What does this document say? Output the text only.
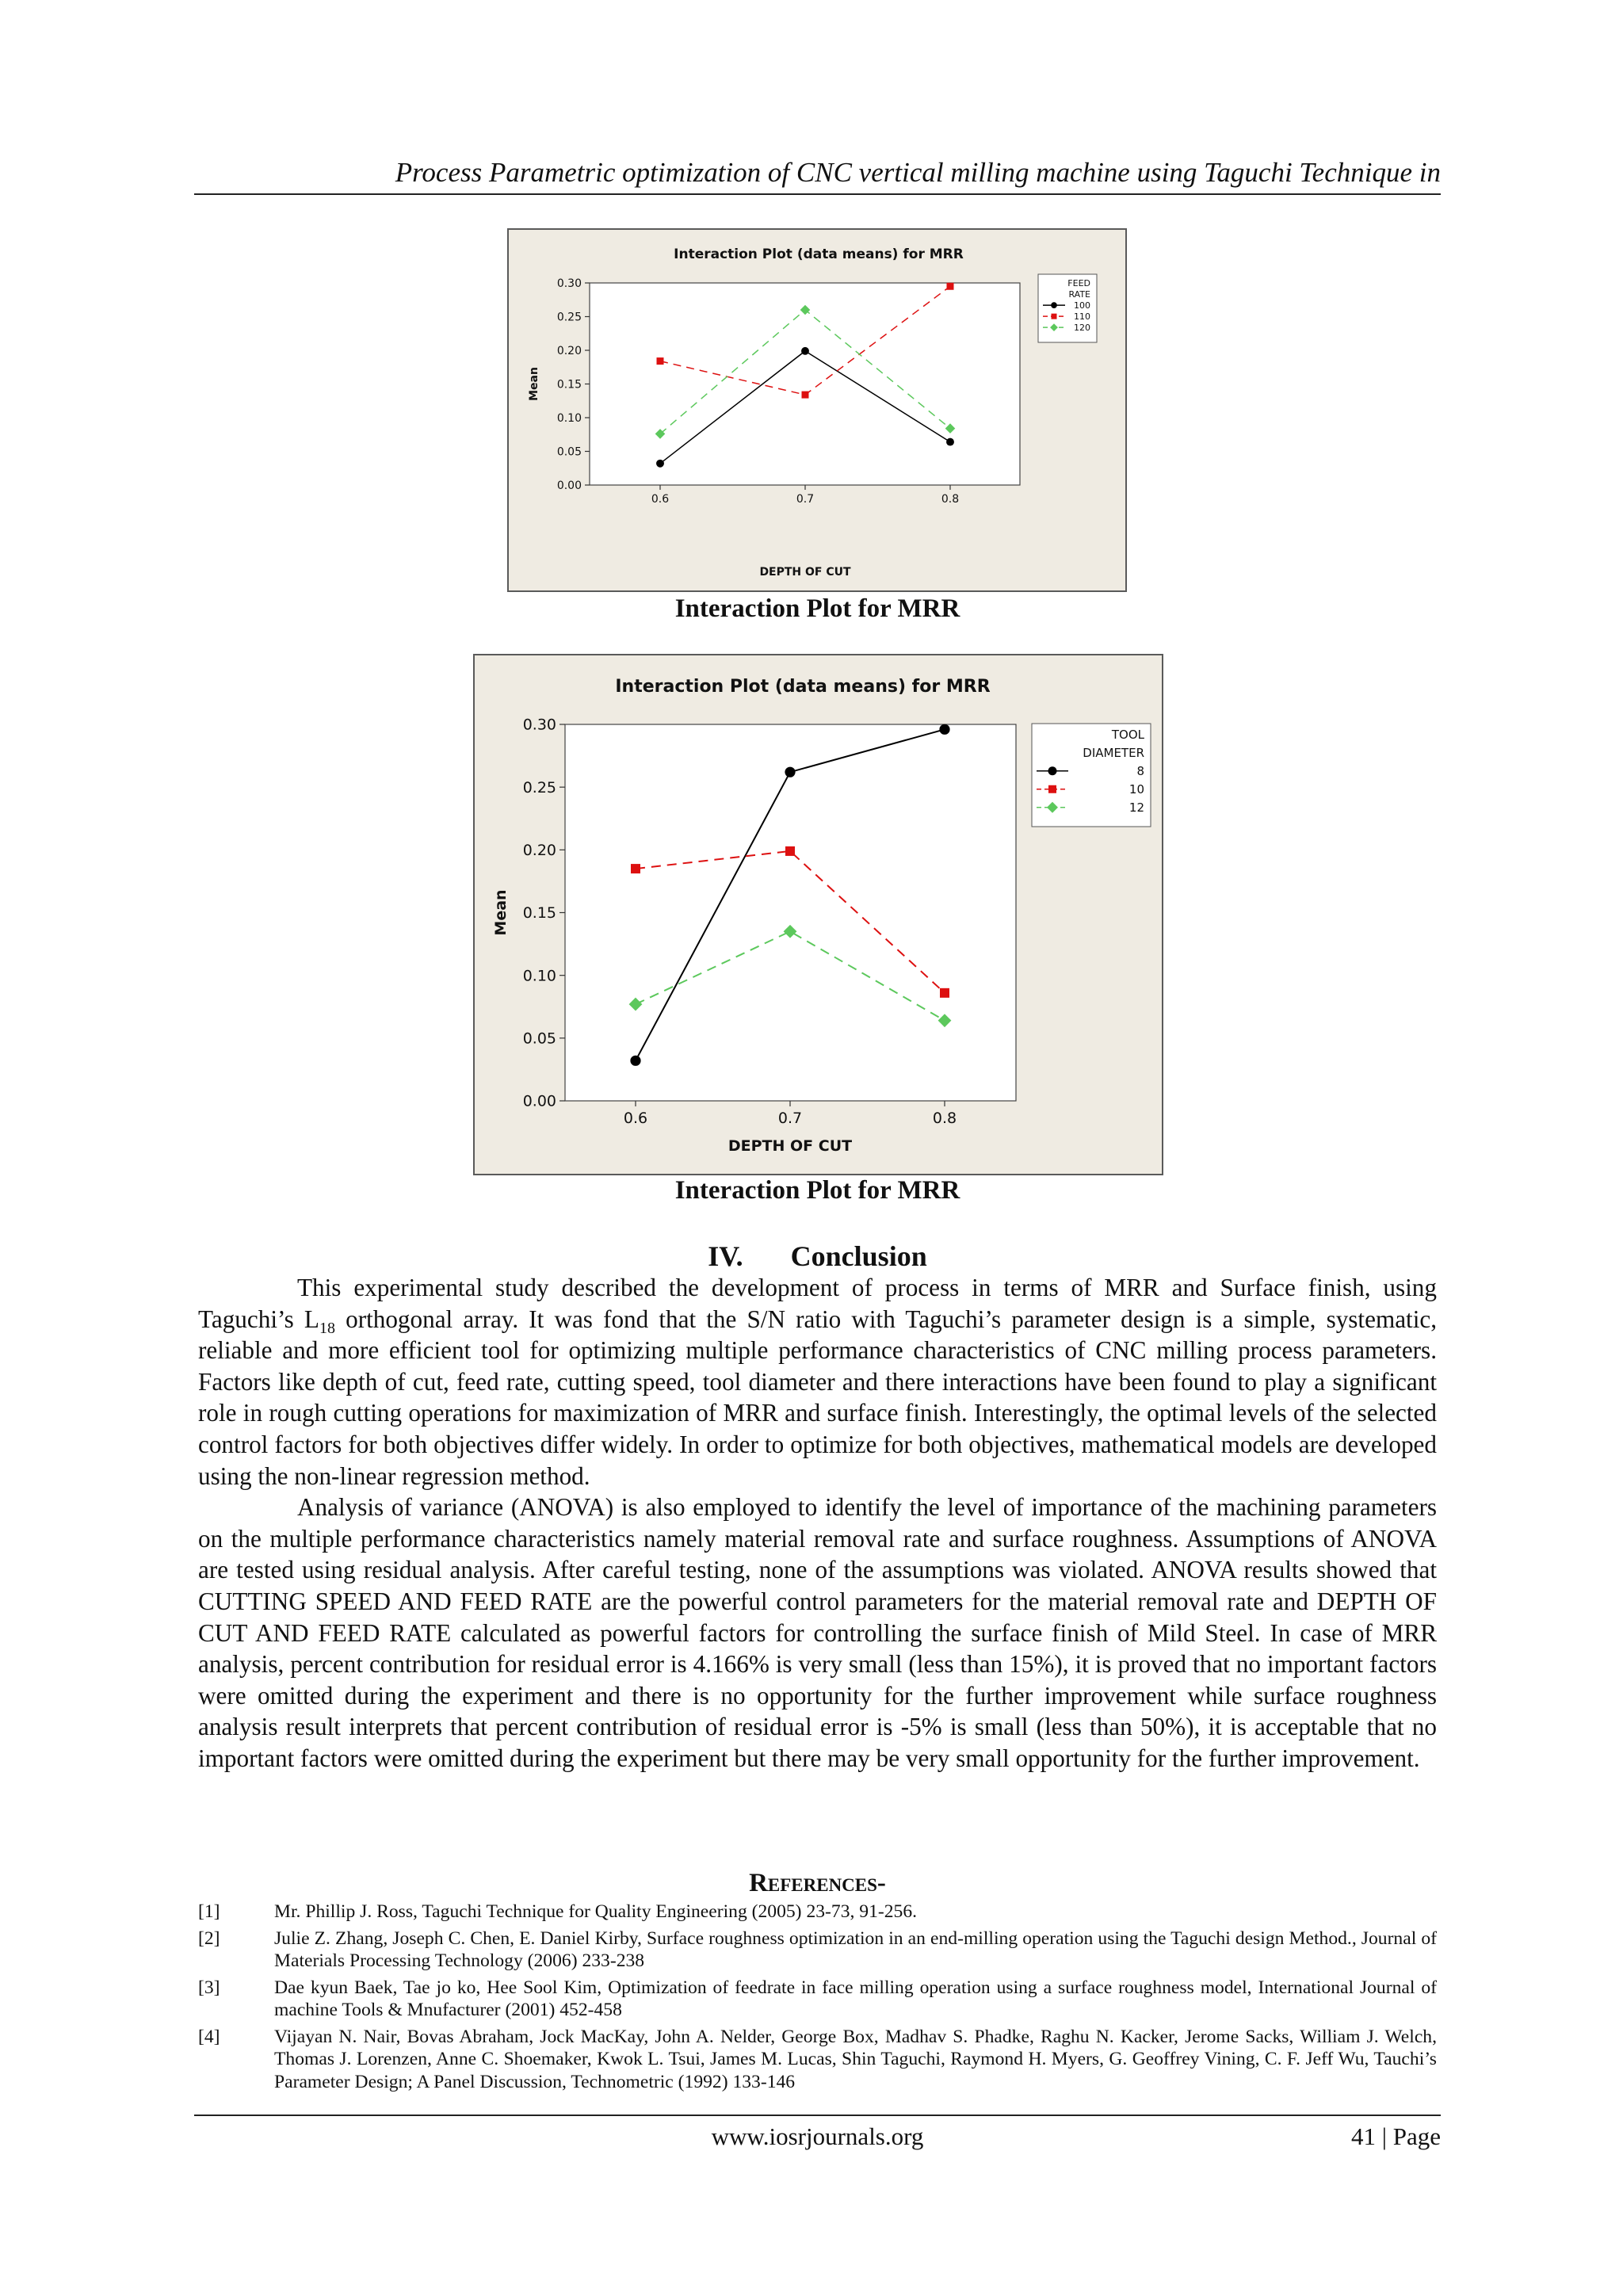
Process Parametric optimization of CNC vertical milling machine using Taguchi Technique in
Interaction Plot (data means) for MRR
0.00
0.05
0.10
0.15
0.20
0.25
0.30
0.6	0.7	0.8
DEPTH OF CUT
Mean
FEED
RATE
100
110
120
Interaction Plot for MRR
Interaction Plot (data means) for MRR
0.00
0.05
0.10
0.15
0.20
0.25
0.30
0.6	0.7	0.8
DEPTH OF CUT
Mean
TOOL
DIAMETER
8
10
12
Interaction Plot for MRR
IV. Conclusion

This experimental study described the development of process in terms of MRR and Surface finish, using Taguchi’s $L_{18}$ orthogonal array. It was fond that the S/N ratio with Taguchi’s parameter design is a simple, systematic, reliable and more efficient tool for optimizing multiple performance characteristics of CNC milling process parameters. Factors like depth of cut, feed rate, cutting speed, tool diameter and there interactions have been found to play a significant role in rough cutting operations for maximization of MRR and surface finish. Interestingly, the optimal levels of the selected control factors for both objectives differ widely. In order to optimize for both objectives, mathematical models are developed using the non-linear regression method.

Analysis of variance (ANOVA) is also employed to identify the level of importance of the machining parameters on the multiple performance characteristics namely material removal rate and surface roughness. Assumptions of ANOVA are tested using residual analysis. After careful testing, none of the assumptions was violated. ANOVA results showed that CUTTING SPEED AND FEED RATE are the powerful control parameters for the material removal rate and DEPTH OF CUT AND FEED RATE calculated as powerful factors for controlling the surface finish of Mild Steel. In case of MRR analysis, percent contribution for residual error is 4.166% is very small (less than 15%), it is proved that no important factors were omitted during the experiment and there is no opportunity for the further improvement while surface roughness analysis result interprets that percent contribution of residual error is -5% is small (less than 50%), it is acceptable that no important factors were omitted during the experiment but there may be very small opportunity for the further improvement.

References-
[1]	Mr. Phillip J. Ross, Taguchi Technique for Quality Engineering (2005) 23-73, 91-256.
[2]	Julie Z. Zhang, Joseph C. Chen, E. Daniel Kirby, Surface roughness optimization in an end-milling operation using the Taguchi design Method., Journal of Materials Processing Technology (2006) 233-238
[3]	Dae kyun Baek, Tae jo ko, Hee Sool Kim, Optimization of feedrate in face milling operation using a surface roughness model, International Journal of machine Tools & Mnufacturer (2001) 452-458
[4]	Vijayan N. Nair, Bovas Abraham, Jock MacKay, John A. Nelder, George Box, Madhav S. Phadke, Raghu N. Kacker, Jerome Sacks, William J. Welch, Thomas J. Lorenzen, Anne C. Shoemaker, Kwok L. Tsui, James M. Lucas, Shin Taguchi, Raymond H. Myers, G. Geoffrey Vining, C. F. Jeff Wu, Tauchi’s Parameter Design; A Panel Discussion, Technometric (1992) 133-146
www.iosrjournals.org	41 | Page
